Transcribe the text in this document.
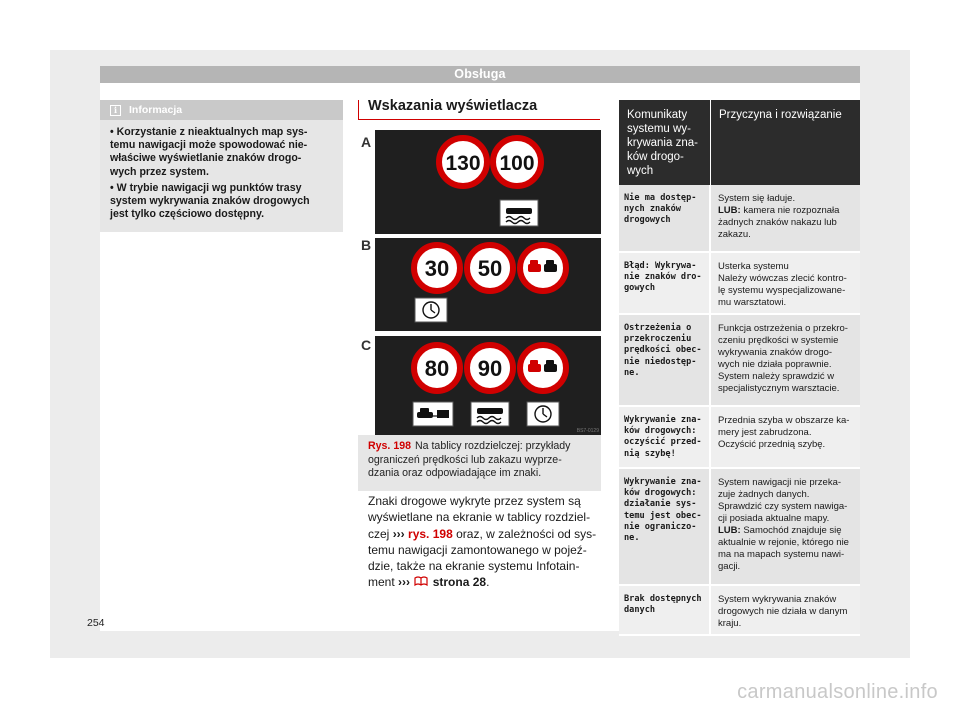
Obsługa
i	Informacja
• Korzystanie z nieaktualnych map sys-
temu nawigacji może spowodować nie-
właściwe wyświetlanie znaków drogo-
wych przez system.
• W trybie nawigacji wg punktów trasy
system wykrywania znaków drogowych
jest tylko częściowo dostępny.
Wskazania wyświetlacza
A
130 100
B
30 50
C
80 90
BS7-0129
Rys. 198 Na tablicy rozdzielczej: przykłady ograniczeń prędkości lub zakazu wyprze-dzania oraz odpowiadające im znaki.
Znaki drogowe wykryte przez system są wyświetlane na ekranie w tablicy rozdziel-czej ››› rys. 198 oraz, w zależności od sys-temu nawigacji zamontowanego w pojeź-dzie, także na ekranie systemu Infotain-ment ››› strona 28.
Komunikaty
systemu wy-
krywania zna-
ków drogo-
wych
Przyczyna i rozwiązanie
Nie ma dostęp-
nych znaków
drogowych
System się ładuje.
LUB: kamera nie rozpoznała
żadnych znaków nakazu lub
zakazu.
Błąd: Wykrywa-
nie znaków dro-
gowych
Usterka systemu
Należy wówczas zlecić kontro-
lę systemu wyspecjalizowane-
mu warsztatowi.
Ostrzeżenia o
przekroczeniu
prędkości obec-
nie niedostęp-
ne.
Funkcja ostrzeżenia o przekro-
czeniu prędkości w systemie
wykrywania znaków drogo-
wych nie działa poprawnie.
System należy sprawdzić w
specjalistycznym warsztacie.
Wykrywanie zna-
ków drogowych:
oczyścić przed-
nią szybę!
Przednia szyba w obszarze ka-
mery jest zabrudzona.
Oczyścić przednią szybę.
Wykrywanie zna-
ków drogowych:
działanie sys-
temu jest obec-
nie ograniczo-
ne.
System nawigacji nie przeka-
zuje żadnych danych.
Sprawdzić czy system nawiga-
cji posiada aktualne mapy.
LUB: Samochód znajduje się
aktualnie w rejonie, którego nie
ma na mapach systemu nawi-
gacji.
Brak dostępnych
danych
System wykrywania znaków
drogowych nie działa w danym
kraju.
254
carmanualsonline.info
